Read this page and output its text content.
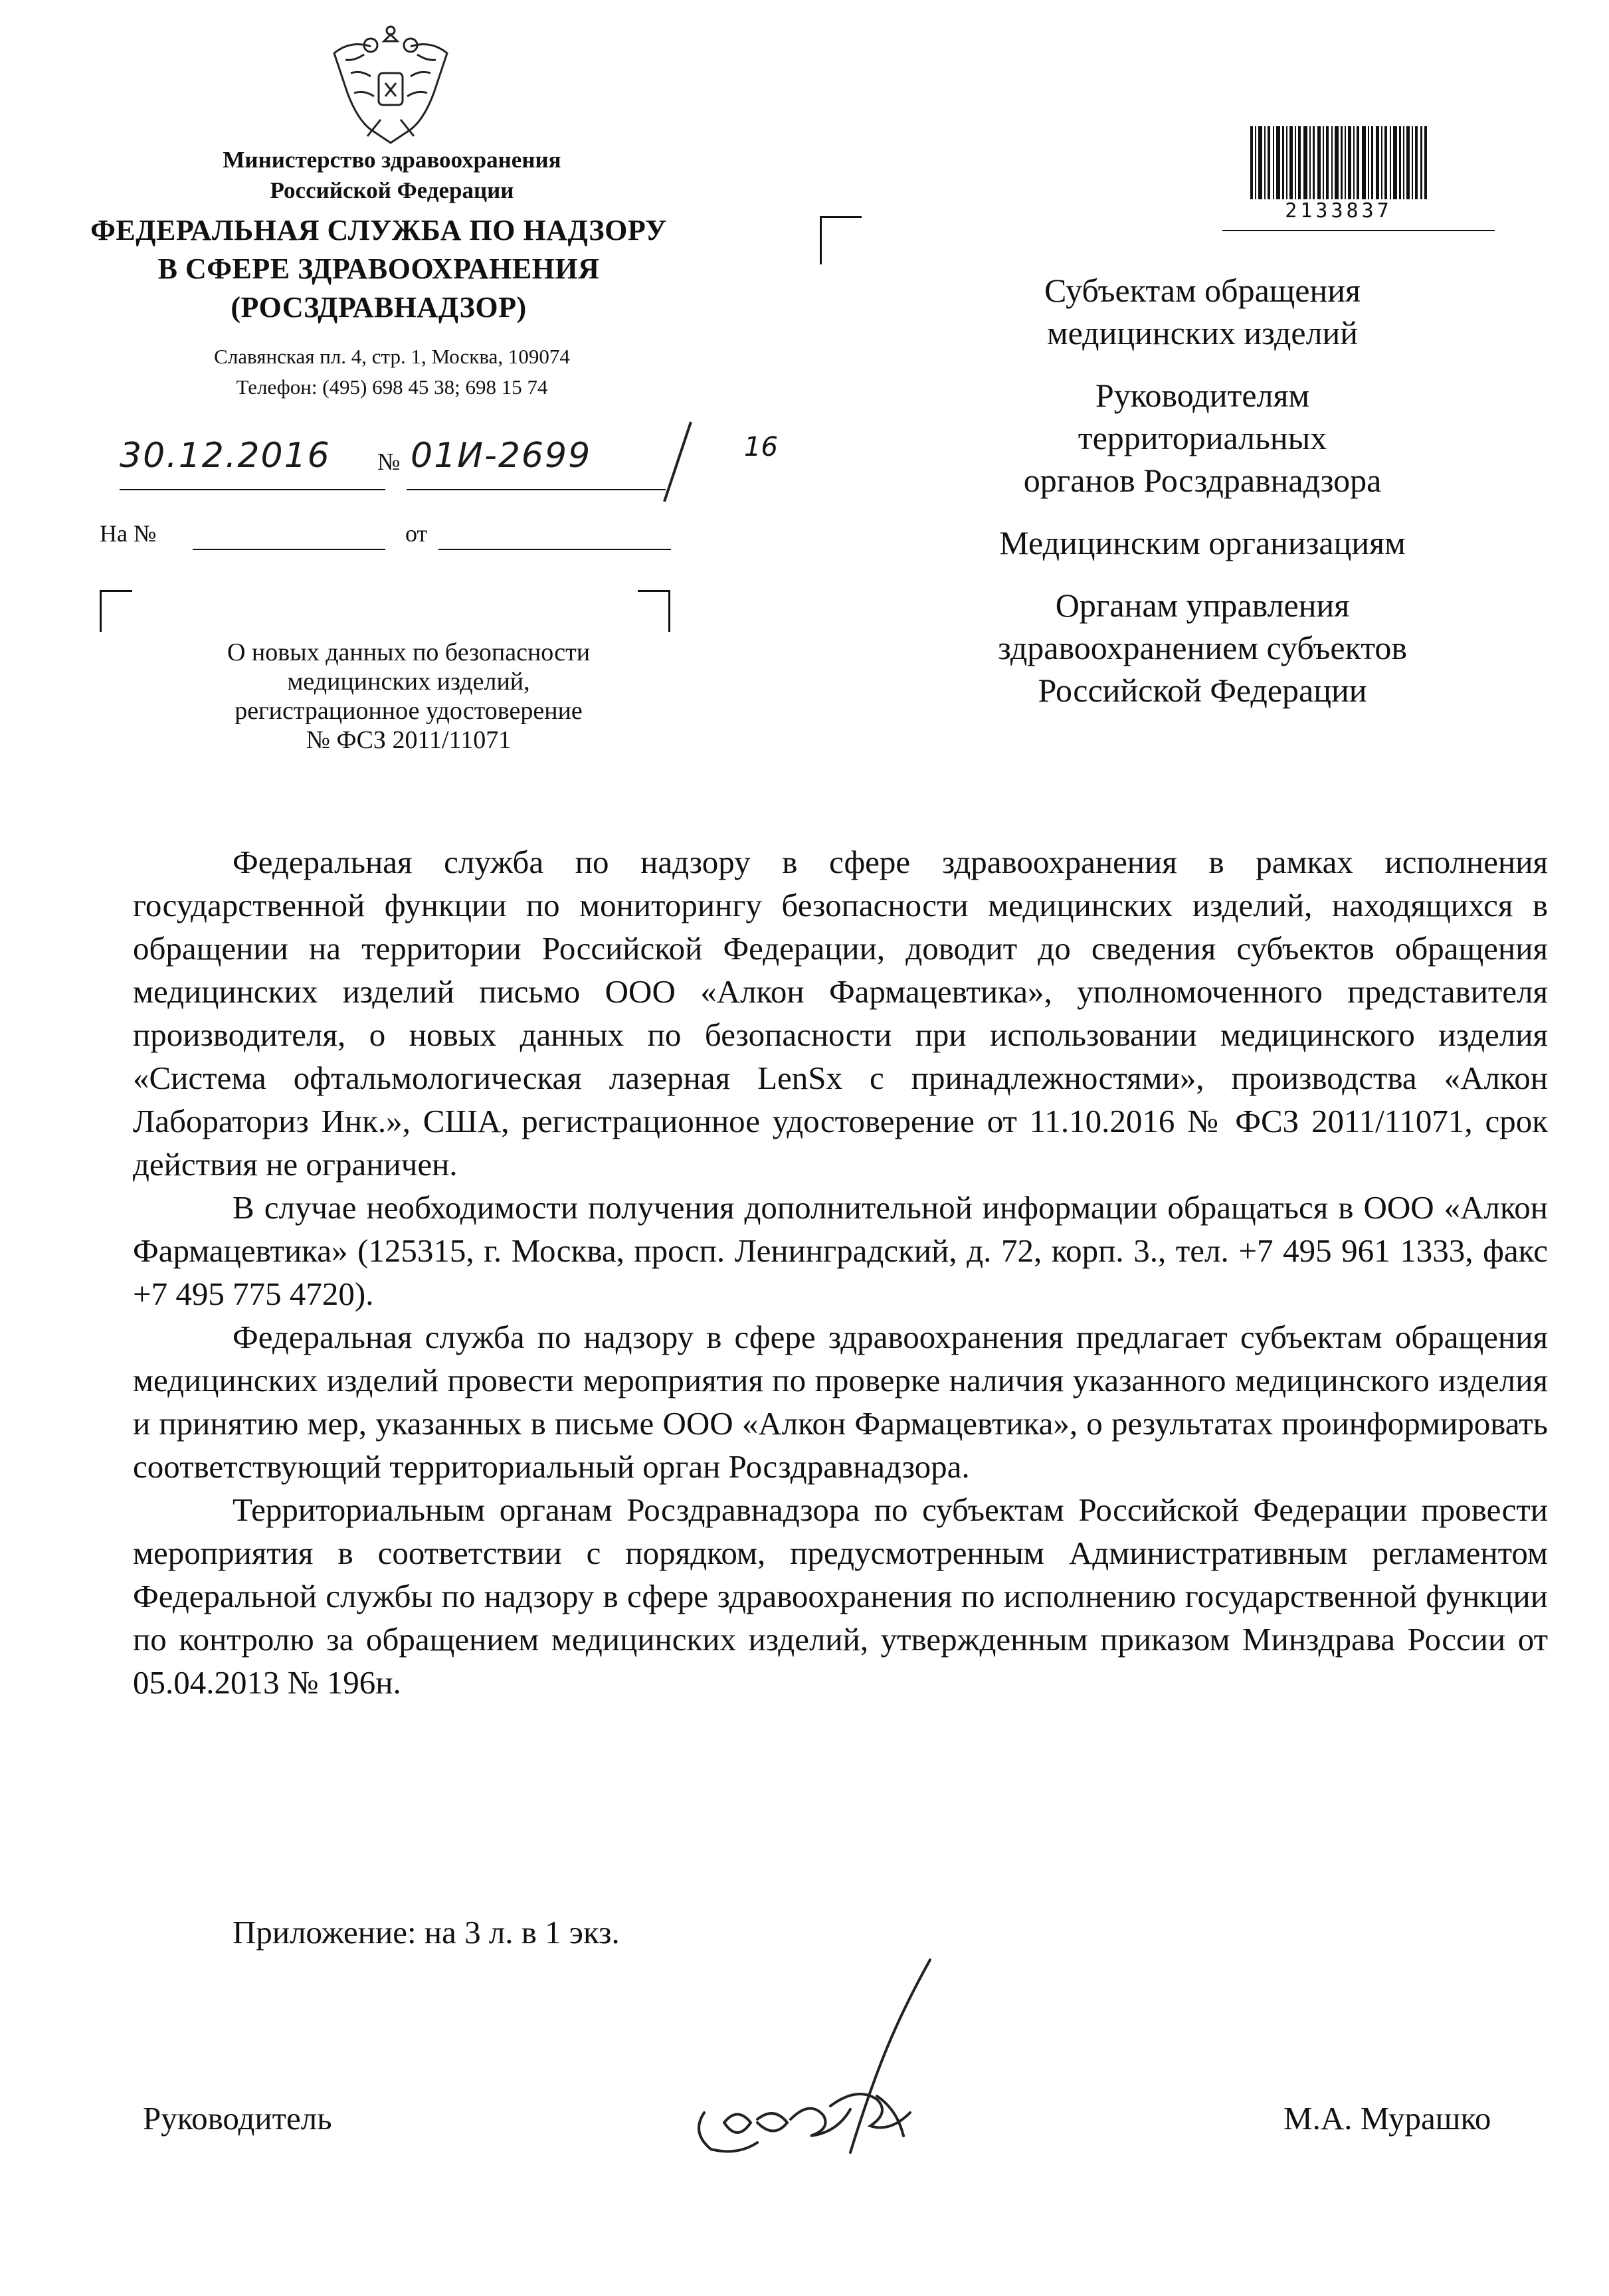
Министерство здравоохранения
Российской Федерации
ФЕДЕРАЛЬНАЯ СЛУЖБА ПО НАДЗОРУ
В СФЕРЕ ЗДРАВООХРАНЕНИЯ
(РОСЗДРАВНАДЗОР)
Славянская пл. 4, стр. 1, Москва, 109074
Телефон: (495) 698 45 38; 698 15 74
30.12.2016 № 01И-2699	16
На №	от
О новых данных по безопасности
медицинских изделий,
регистрационное удостоверение
№ ФСЗ 2011/11071
2133837
Субъектам обращения
медицинских изделий
Руководителям
территориальных
органов Росздравнадзора
Медицинским организациям
Органам управления
здравоохранением субъектов
Российской Федерации

Федеральная служба по надзору в сфере здравоохранения в рамках исполнения государственной функции по мониторингу безопасности медицинских изделий, находящихся в обращении на территории Российской Федерации, доводит до сведения субъектов обращения медицинских изделий письмо ООО «Алкон Фармацевтика», уполномоченного представителя производителя, о новых данных по безопасности при использовании медицинского изделия «Система офтальмологическая лазерная LenSx с принадлежностями», производства «Алкон Лабораториз Инк.», США, регистрационное удостоверение от 11.10.2016 № ФСЗ 2011/11071, срок действия не ограничен.

В случае необходимости получения дополнительной информации обращаться в ООО «Алкон Фармацевтика» (125315, г. Москва, просп. Ленинградский, д. 72, корп. 3., тел. +7 495 961 1333, факс +7 495 775 4720).

Федеральная служба по надзору в сфере здравоохранения предлагает субъектам обращения медицинских изделий провести мероприятия по проверке наличия указанного медицинского изделия и принятию мер, указанных в письме ООО «Алкон Фармацевтика», о результатах проинформировать соответствующий территориальный орган Росздравнадзора.

Территориальным органам Росздравнадзора по субъектам Российской Федерации провести мероприятия в соответствии с порядком, предусмотренным Административным регламентом Федеральной службы по надзору в сфере здравоохранения по исполнению государственной функции по контролю за обращением медицинских изделий, утвержденным приказом Минздрава России от 05.04.2013 № 196н.

Приложение: на 3 л. в 1 экз.
Руководитель	М.А. Мурашко
